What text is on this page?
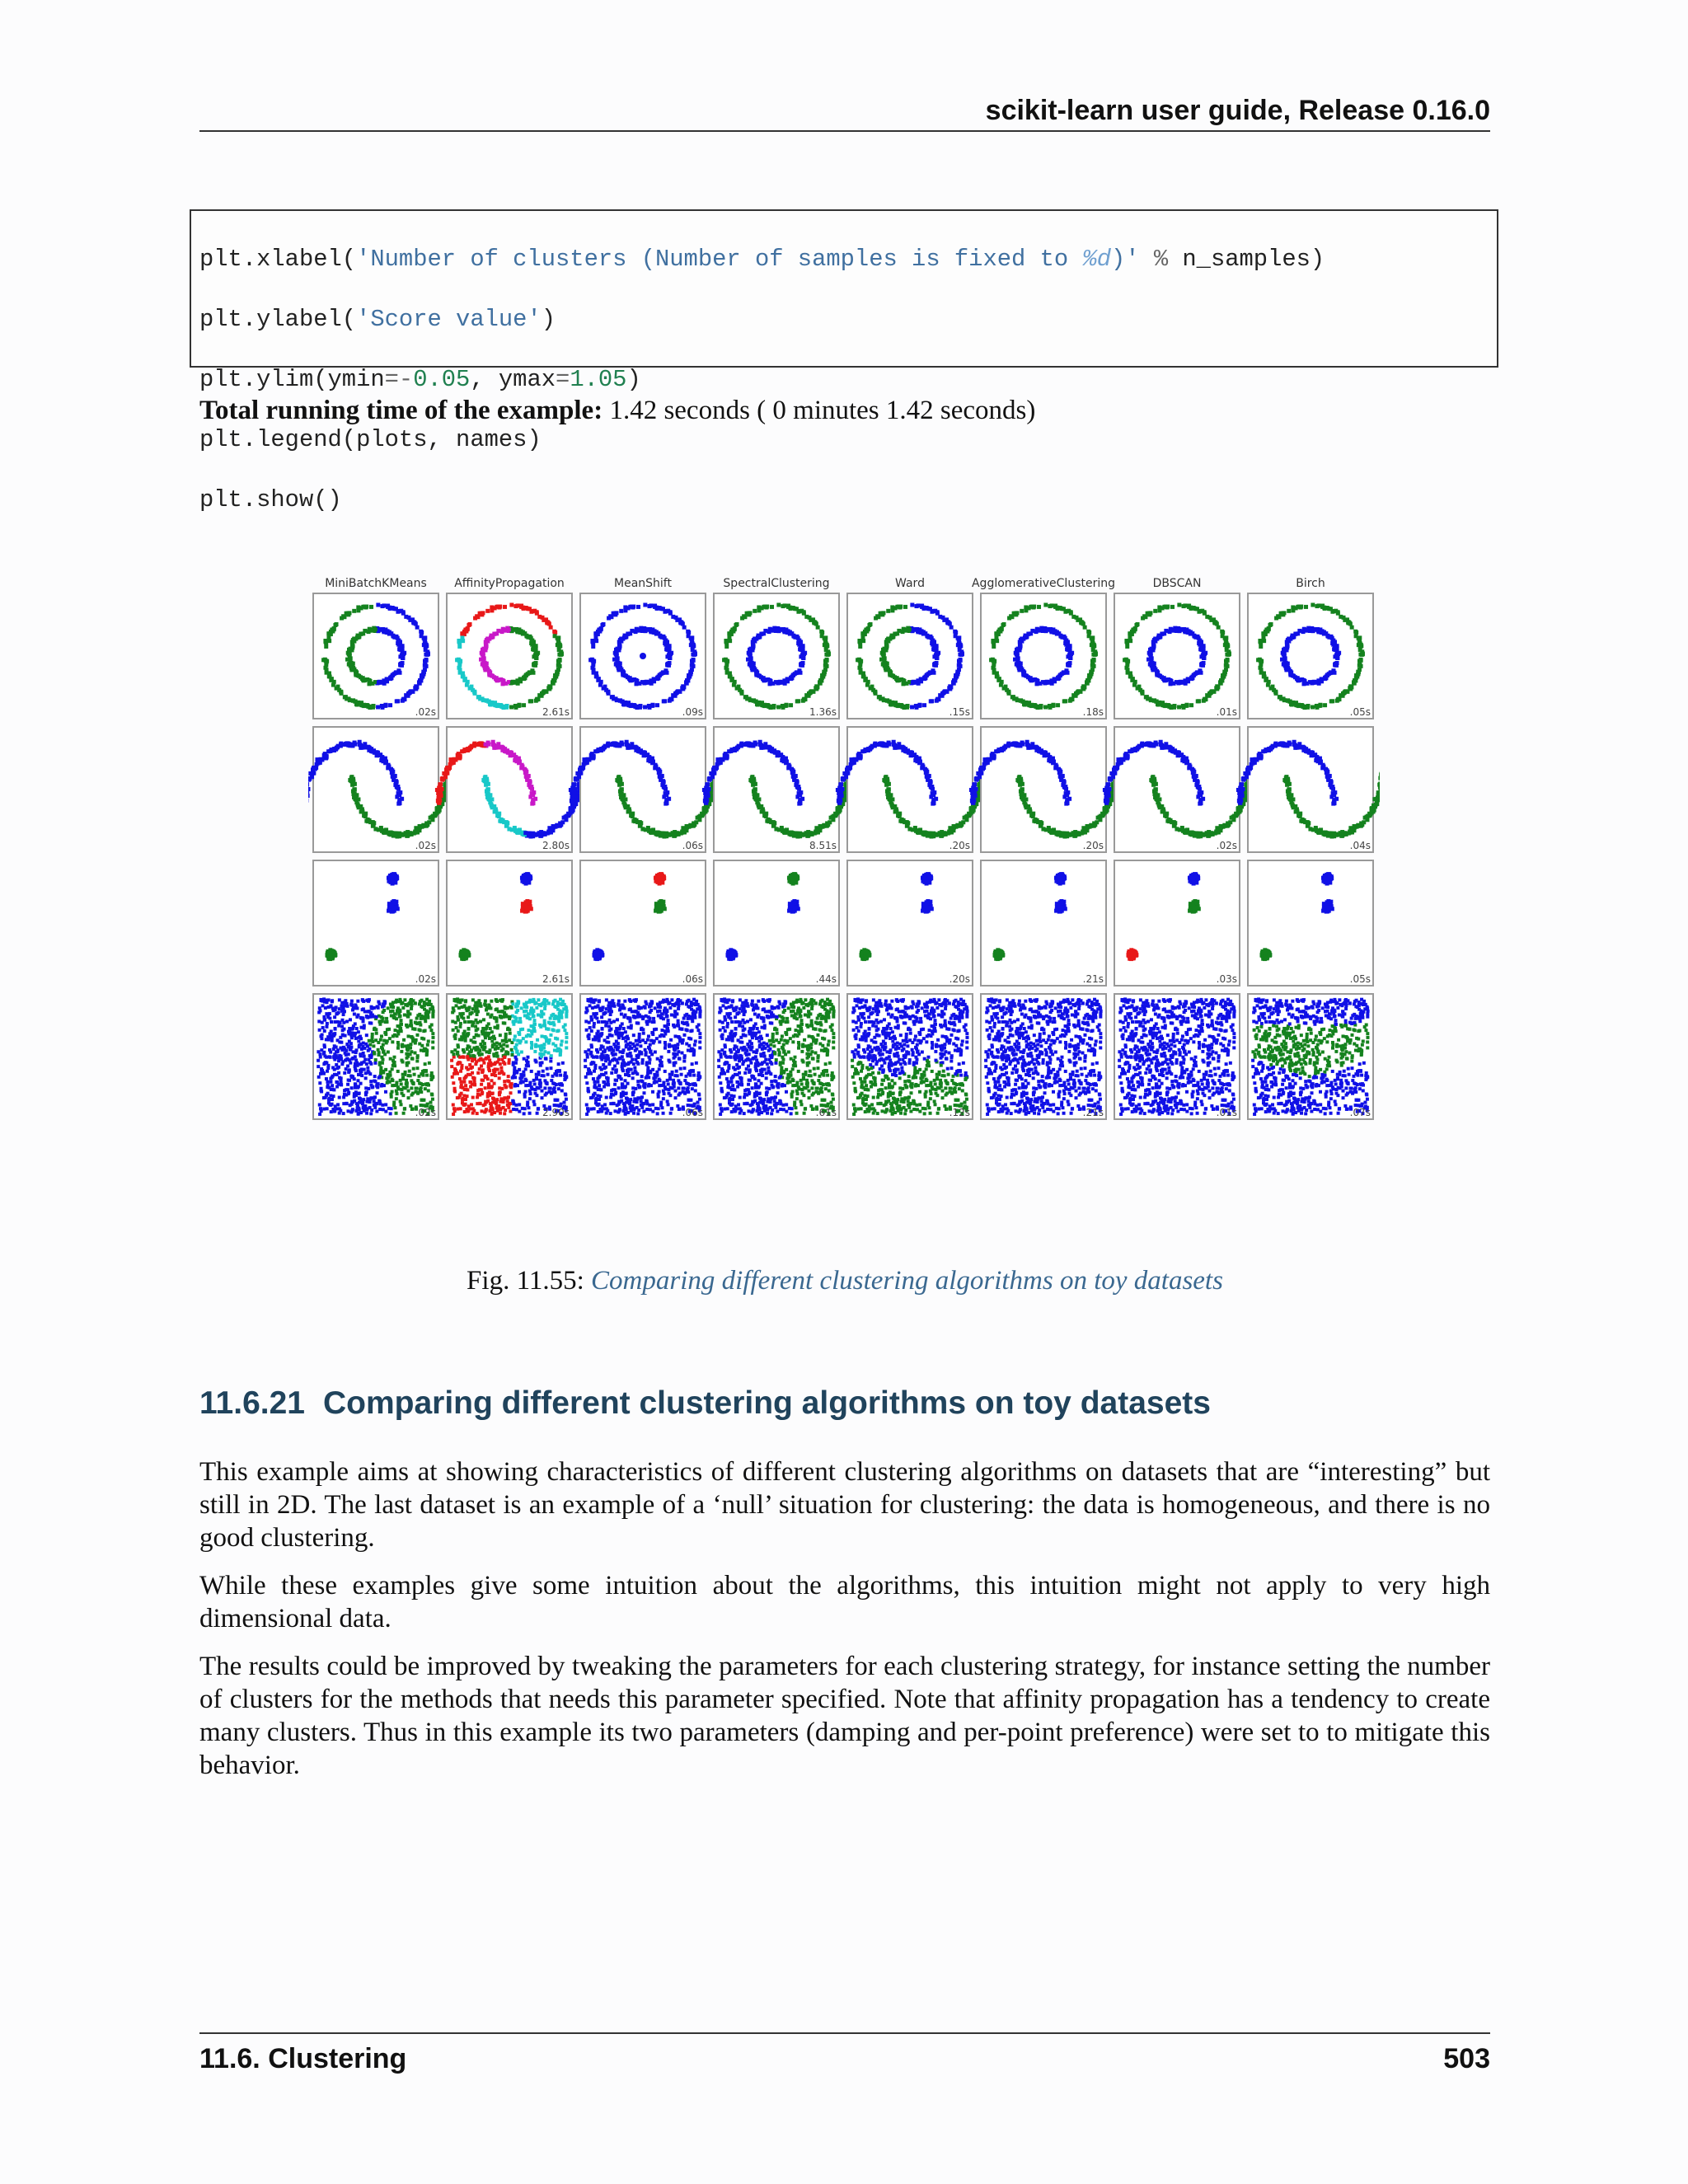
scikit-learn user guide, Release 0.16.0

plt.xlabel('Number of clusters (Number of samples is fixed to %d)' % n_samples)

plt.ylabel('Score value')

plt.ylim(ymin=-0.05, ymax=1.05)

plt.legend(plots, names)

plt.show()

Total running time of the example: 1.42 seconds ( 0 minutes 1.42 seconds)
MiniBatchKMeans AffinityPropagation	MeanShift	SpectralClustering	Ward	AgglomerativeClustering	DBSCAN	Birch
.02s	2.61s	.09s	1.36s	.15s	.18s	.01s	.05s
.02s	2.80s	.06s	8.51s	.20s	.20s	.02s	.04s
.02s	2.61s	.06s	.44s	.20s	.21s	.03s	.05s
.02s	2.90s	.06s	.61s	.12s	.21s	.01s	.07s
Fig. 11.55: Comparing different clustering algorithms on toy datasets
11.6.21 Comparing different clustering algorithms on toy datasets

This example aims at showing characteristics of different clustering algorithms on datasets that are “interesting” but still in 2D. The last dataset is an example of a ‘null’ situation for clustering: the data is homogeneous, and there is no good clustering.

While these examples give some intuition about the algorithms, this intuition might not apply to very high dimensional data.

The results could be improved by tweaking the parameters for each clustering strategy, for instance setting the number of clusters for the methods that needs this parameter specified. Note that affinity propagation has a tendency to create many clusters. Thus in this example its two parameters (damping and per-point preference) were set to to mitigate this behavior.

11.6. Clustering	503
